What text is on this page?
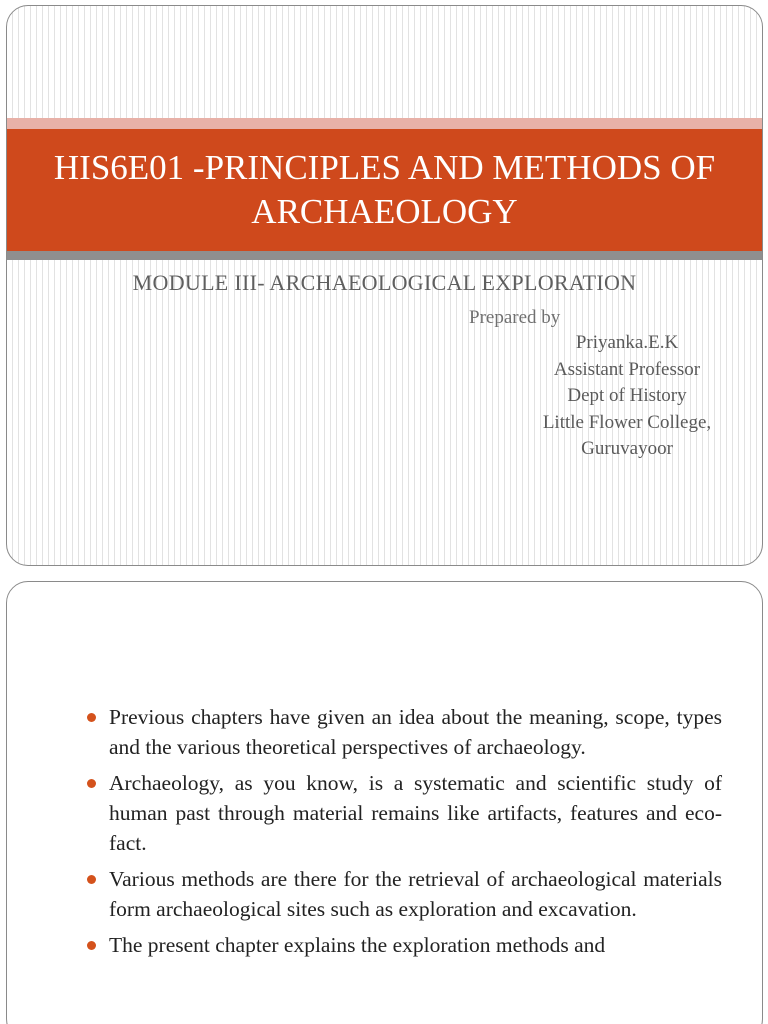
HIS6E01 -PRINCIPLES AND METHODS OF ARCHAEOLOGY
MODULE III- ARCHAEOLOGICAL EXPLORATION
Prepared by
Priyanka.E.K
Assistant Professor
Dept of History
Little Flower College,
Guruvayoor
Previous chapters have given an idea about the meaning, scope, types and the various theoretical perspectives of archaeology.
Archaeology, as you know, is a systematic and scientific study of human past through material remains like artifacts, features and eco-fact.
Various methods are there for the retrieval of archaeological materials form archaeological sites such as exploration and excavation.
The present chapter explains the exploration methods and
